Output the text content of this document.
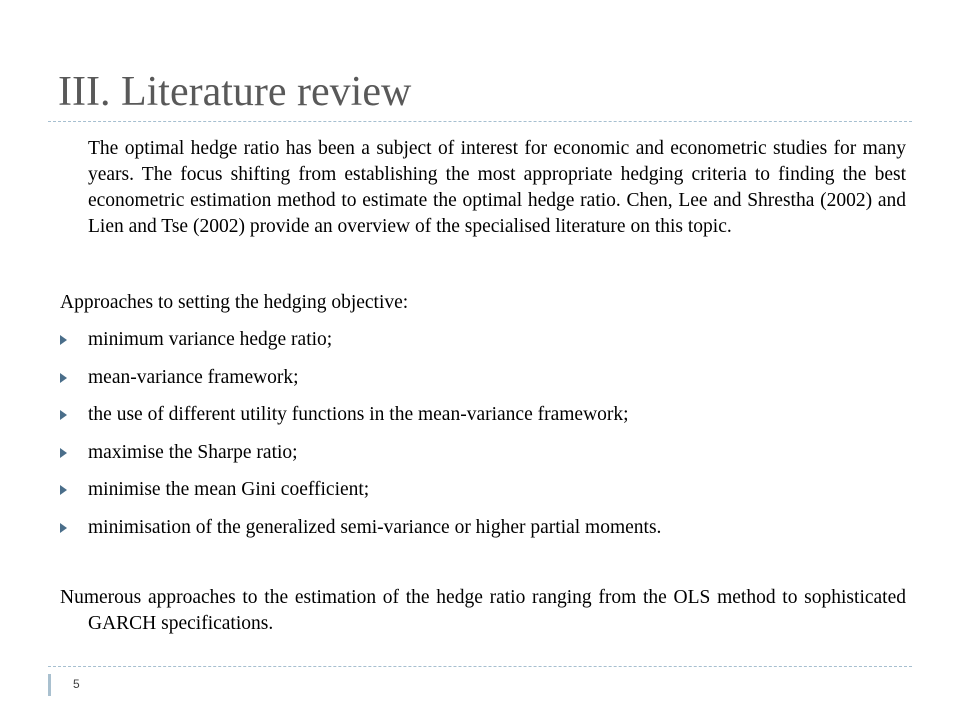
III. Literature review

The optimal hedge ratio has been a subject of interest for economic and econometric studies for many years. The focus shifting from establishing the most appropriate hedging criteria to finding the best econometric estimation method to estimate the optimal hedge ratio. Chen, Lee and Shrestha (2002) and Lien and Tse (2002) provide an overview of the specialised literature on this topic.

Approaches to setting the hedging objective:

minimum variance hedge ratio;
mean-variance framework;
the use of different utility functions in the mean-variance framework;
maximise the Sharpe ratio;
minimise the mean Gini coefficient;
minimisation of the generalized semi-variance or higher partial moments.

Numerous approaches to the estimation of the hedge ratio ranging from the OLS method to sophisticated GARCH specifications.

5
